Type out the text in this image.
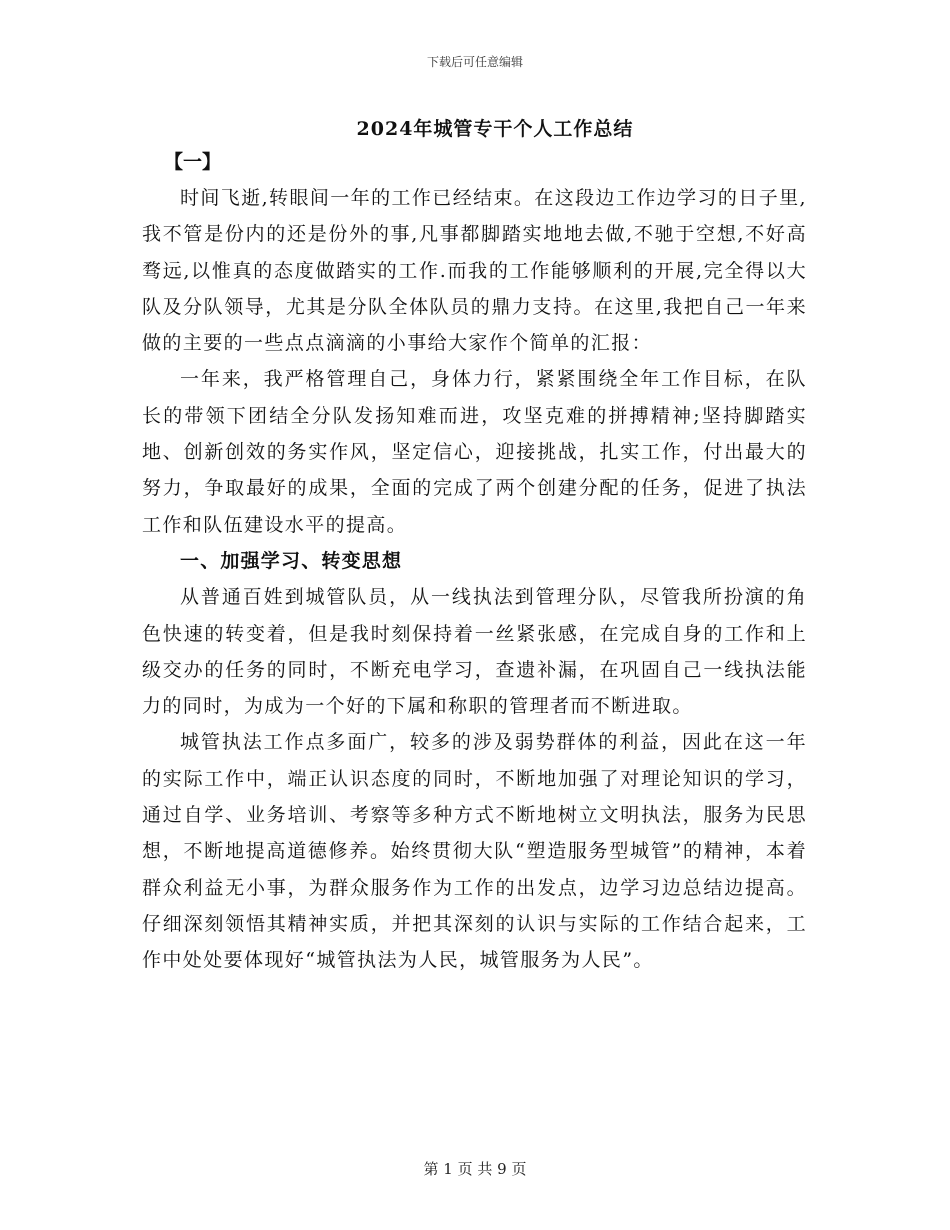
下载后可任意编辑
2024年城管专干个人工作总结
【一】

时间飞逝,转眼间一年的工作已经结束。在这段边工作边学习的日子里,我不管是份内的还是份外的事,凡事都脚踏实地地去做,不驰于空想,不好高骛远,以惟真的态度做踏实的工作.而我的工作能够顺利的开展,完全得以大队及分队领导，尤其是分队全体队员的鼎力支持。在这里,我把自己一年来做的主要的一些点点滴滴的小事给大家作个简单的汇报：

一年来，我严格管理自己，身体力行，紧紧围绕全年工作目标，在队长的带领下团结全分队发扬知难而进，攻坚克难的拼搏精神;坚持脚踏实地、创新创效的务实作风，坚定信心，迎接挑战，扎实工作，付出最大的努力，争取最好的成果，全面的完成了两个创建分配的任务，促进了执法工作和队伍建设水平的提高。

一、加强学习、转变思想

从普通百姓到城管队员，从一线执法到管理分队，尽管我所扮演的角色快速的转变着，但是我时刻保持着一丝紧张感，在完成自身的工作和上级交办的任务的同时，不断充电学习，查遗补漏，在巩固自己一线执法能力的同时，为成为一个好的下属和称职的管理者而不断进取。

城管执法工作点多面广，较多的涉及弱势群体的利益，因此在这一年的实际工作中，端正认识态度的同时，不断地加强了对理论知识的学习，通过自学、业务培训、考察等多种方式不断地树立文明执法，服务为民思想，不断地提高道德修养。始终贯彻大队“塑造服务型城管”的精神，本着群众利益无小事，为群众服务作为工作的出发点，边学习边总结边提高。仔细深刻领悟其精神实质，并把其深刻的认识与实际的工作结合起来，工作中处处要体现好“城管执法为人民，城管服务为人民”。

第 1 页 共 9 页
